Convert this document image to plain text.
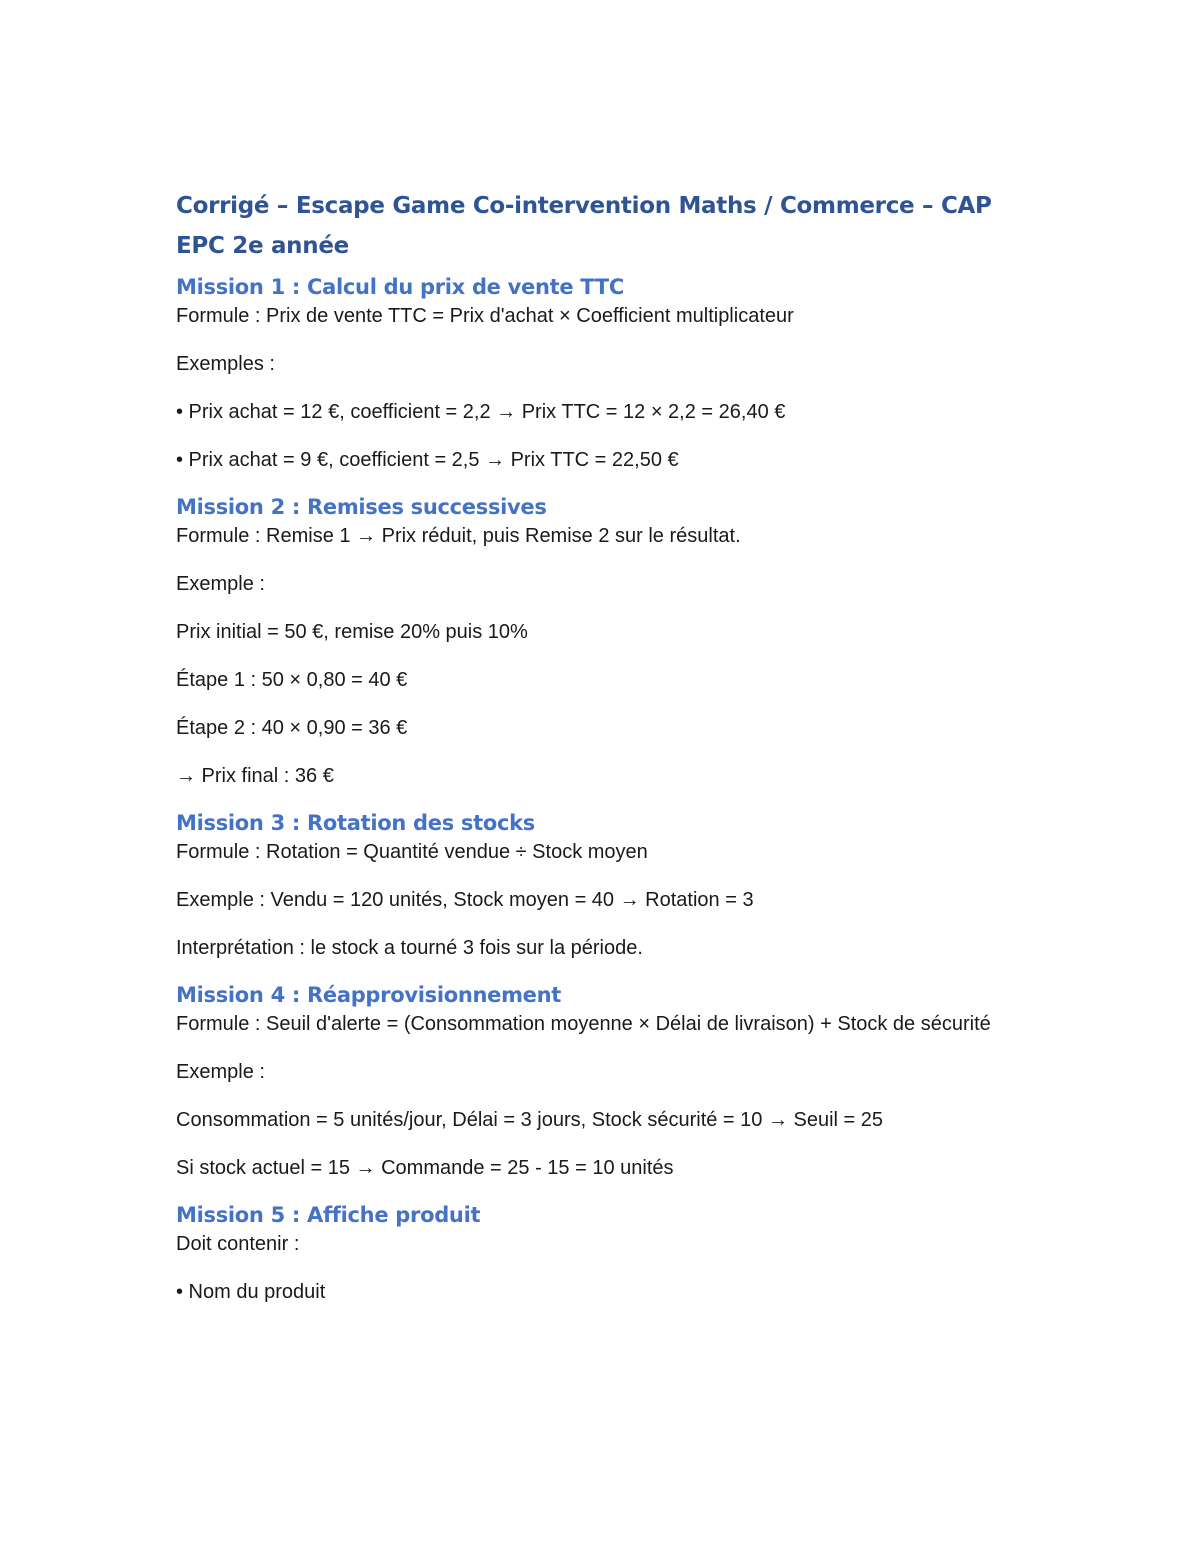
Corrigé – Escape Game Co-intervention Maths / Commerce – CAP EPC 2e année
Mission 1 : Calcul du prix de vente TTC

Formule : Prix de vente TTC = Prix d'achat × Coefficient multiplicateur

Exemples :

• Prix achat = 12 €, coefficient = 2,2 → Prix TTC = 12 × 2,2 = 26,40 €

• Prix achat = 9 €, coefficient = 2,5 → Prix TTC = 22,50 €

Mission 2 : Remises successives

Formule : Remise 1 → Prix réduit, puis Remise 2 sur le résultat.

Exemple :

Prix initial = 50 €, remise 20% puis 10%

Étape 1 : 50 × 0,80 = 40 €

Étape 2 : 40 × 0,90 = 36 €

→ Prix final : 36 €

Mission 3 : Rotation des stocks

Formule : Rotation = Quantité vendue ÷ Stock moyen

Exemple : Vendu = 120 unités, Stock moyen = 40 → Rotation = 3

Interprétation : le stock a tourné 3 fois sur la période.

Mission 4 : Réapprovisionnement

Formule : Seuil d'alerte = (Consommation moyenne × Délai de livraison) + Stock de sécurité

Exemple :

Consommation = 5 unités/jour, Délai = 3 jours, Stock sécurité = 10 → Seuil = 25

Si stock actuel = 15 → Commande = 25 - 15 = 10 unités

Mission 5 : Affiche produit

Doit contenir :

• Nom du produit
